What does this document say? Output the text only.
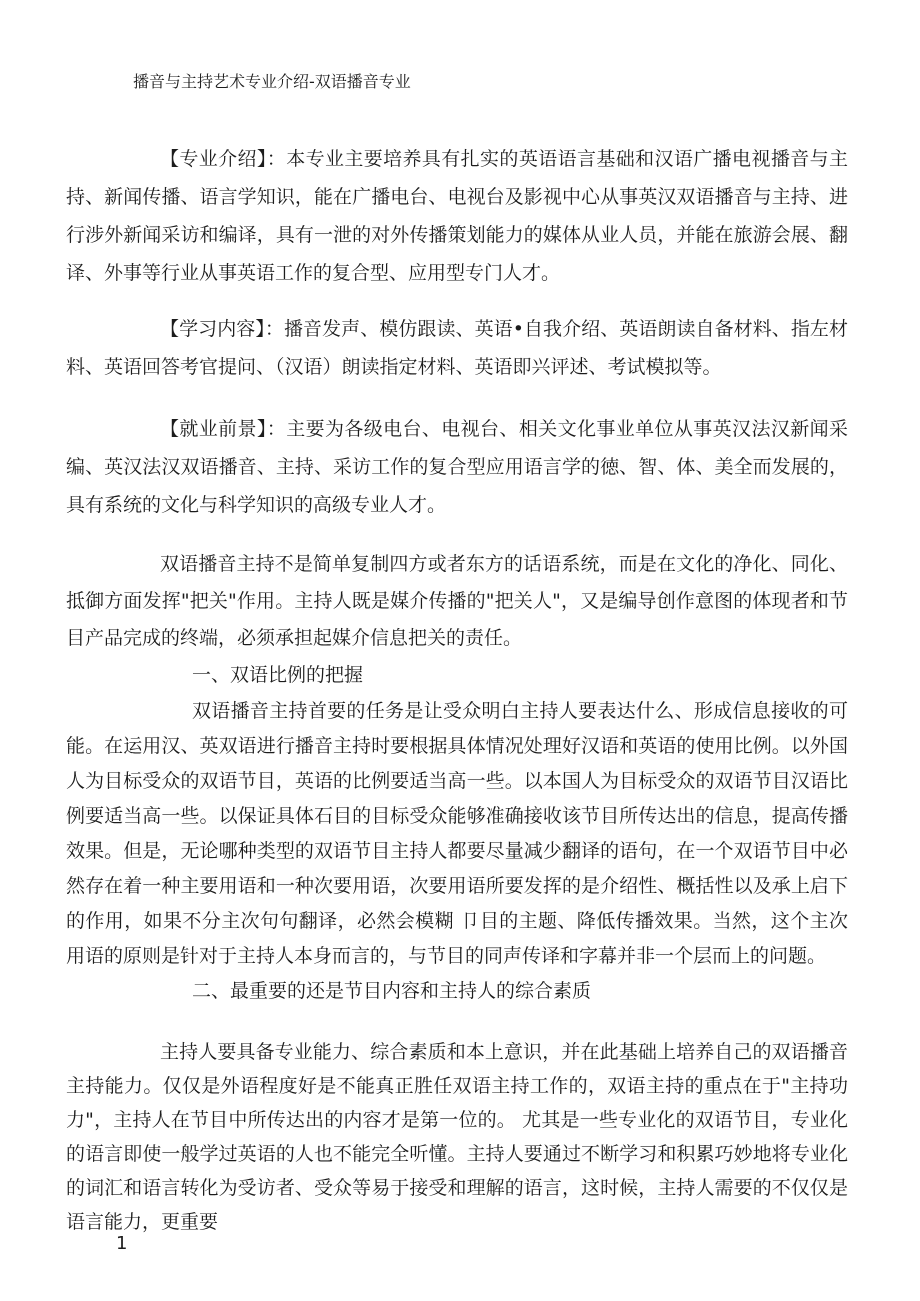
播音与主持艺术专业介绍-双语播音专业

【专业介绍】：本专业主要培养具有扎实的英语语言基础和汉语广播电视播音与主持、新闻传播、语言学知识，能在广播电台、电视台及影视中心从事英汉双语播音与主持、进行涉外新闻采访和编译，具有一泄的对外传播策划能力的媒体从业人员，并能在旅游会展、翻译、外事等行业从事英语工作的复合型、应用型专门人才。

【学习内容】：播音发声、模仿跟读、英语•自我介绍、英语朗读自备材料、指左材料、英语回答考官提问、（汉语）朗读指定材料、英语即兴评述、考试模拟等。

【就业前景】：主要为各级电台、电视台、相关文化事业单位从事英汉法汉新闻采编、英汉法汉双语播音、主持、采访工作的复合型应用语言学的徳、智、体、美全而发展的，具有系统的文化与科学知识的高级专业人才。

双语播音主持不是简单复制四方或者东方的话语系统，而是在文化的净化、同化、抵御方面发挥"把关"作用。主持人既是媒介传播的"把关人"，又是编导创作意图的体现者和节目产品完成的终端，必须承担起媒介信息把关的责任。

一、双语比例的把握

双语播音主持首要的任务是让受众明白主持人要表达什么、形成信息接收的可能。在运用汉、英双语进行播音主持时要根据具体情况处理好汉语和英语的使用比例。以外国人为目标受众的双语节目，英语的比例要适当高一些。以本国人为目标受众的双语节目汉语比例要适当高一些。以保证具体石目的目标受众能够准确接收该节目所传达出的信息，提高传播效果。但是，无论哪种类型的双语节目主持人都要尽量减少翻译的语句，在一个双语节目中必然存在着一种主要用语和一种次要用语，次要用语所要发挥的是介绍性、概括性以及承上启下的作用，如果不分主次句句翻译，必然会模糊 卩目的主题、降低传播效果。当然，这个主次用语的原则是针对于主持人本身而言的，与节目的同声传译和字幕并非一个层而上的问题。

二、最重要的还是节目内容和主持人的综合素质

主持人要具备专业能力、综合素质和本上意识，并在此基础上培养自己的双语播音主持能力。仅仅是外语程度好是不能真正胜任双语主持工作的，双语主持的重点在于"主持功力"，主持人在节目中所传达出的内容才是第一位的。 尤其是一些专业化的双语节目，专业化的语言即使一般学过英语的人也不能完全听懂。主持人要通过不断学习和积累巧妙地将专业化的词汇和语言转化为受访者、受众等易于接受和理解的语言，这时候，主持人需要的不仅仅是语言能力，更重要

1
